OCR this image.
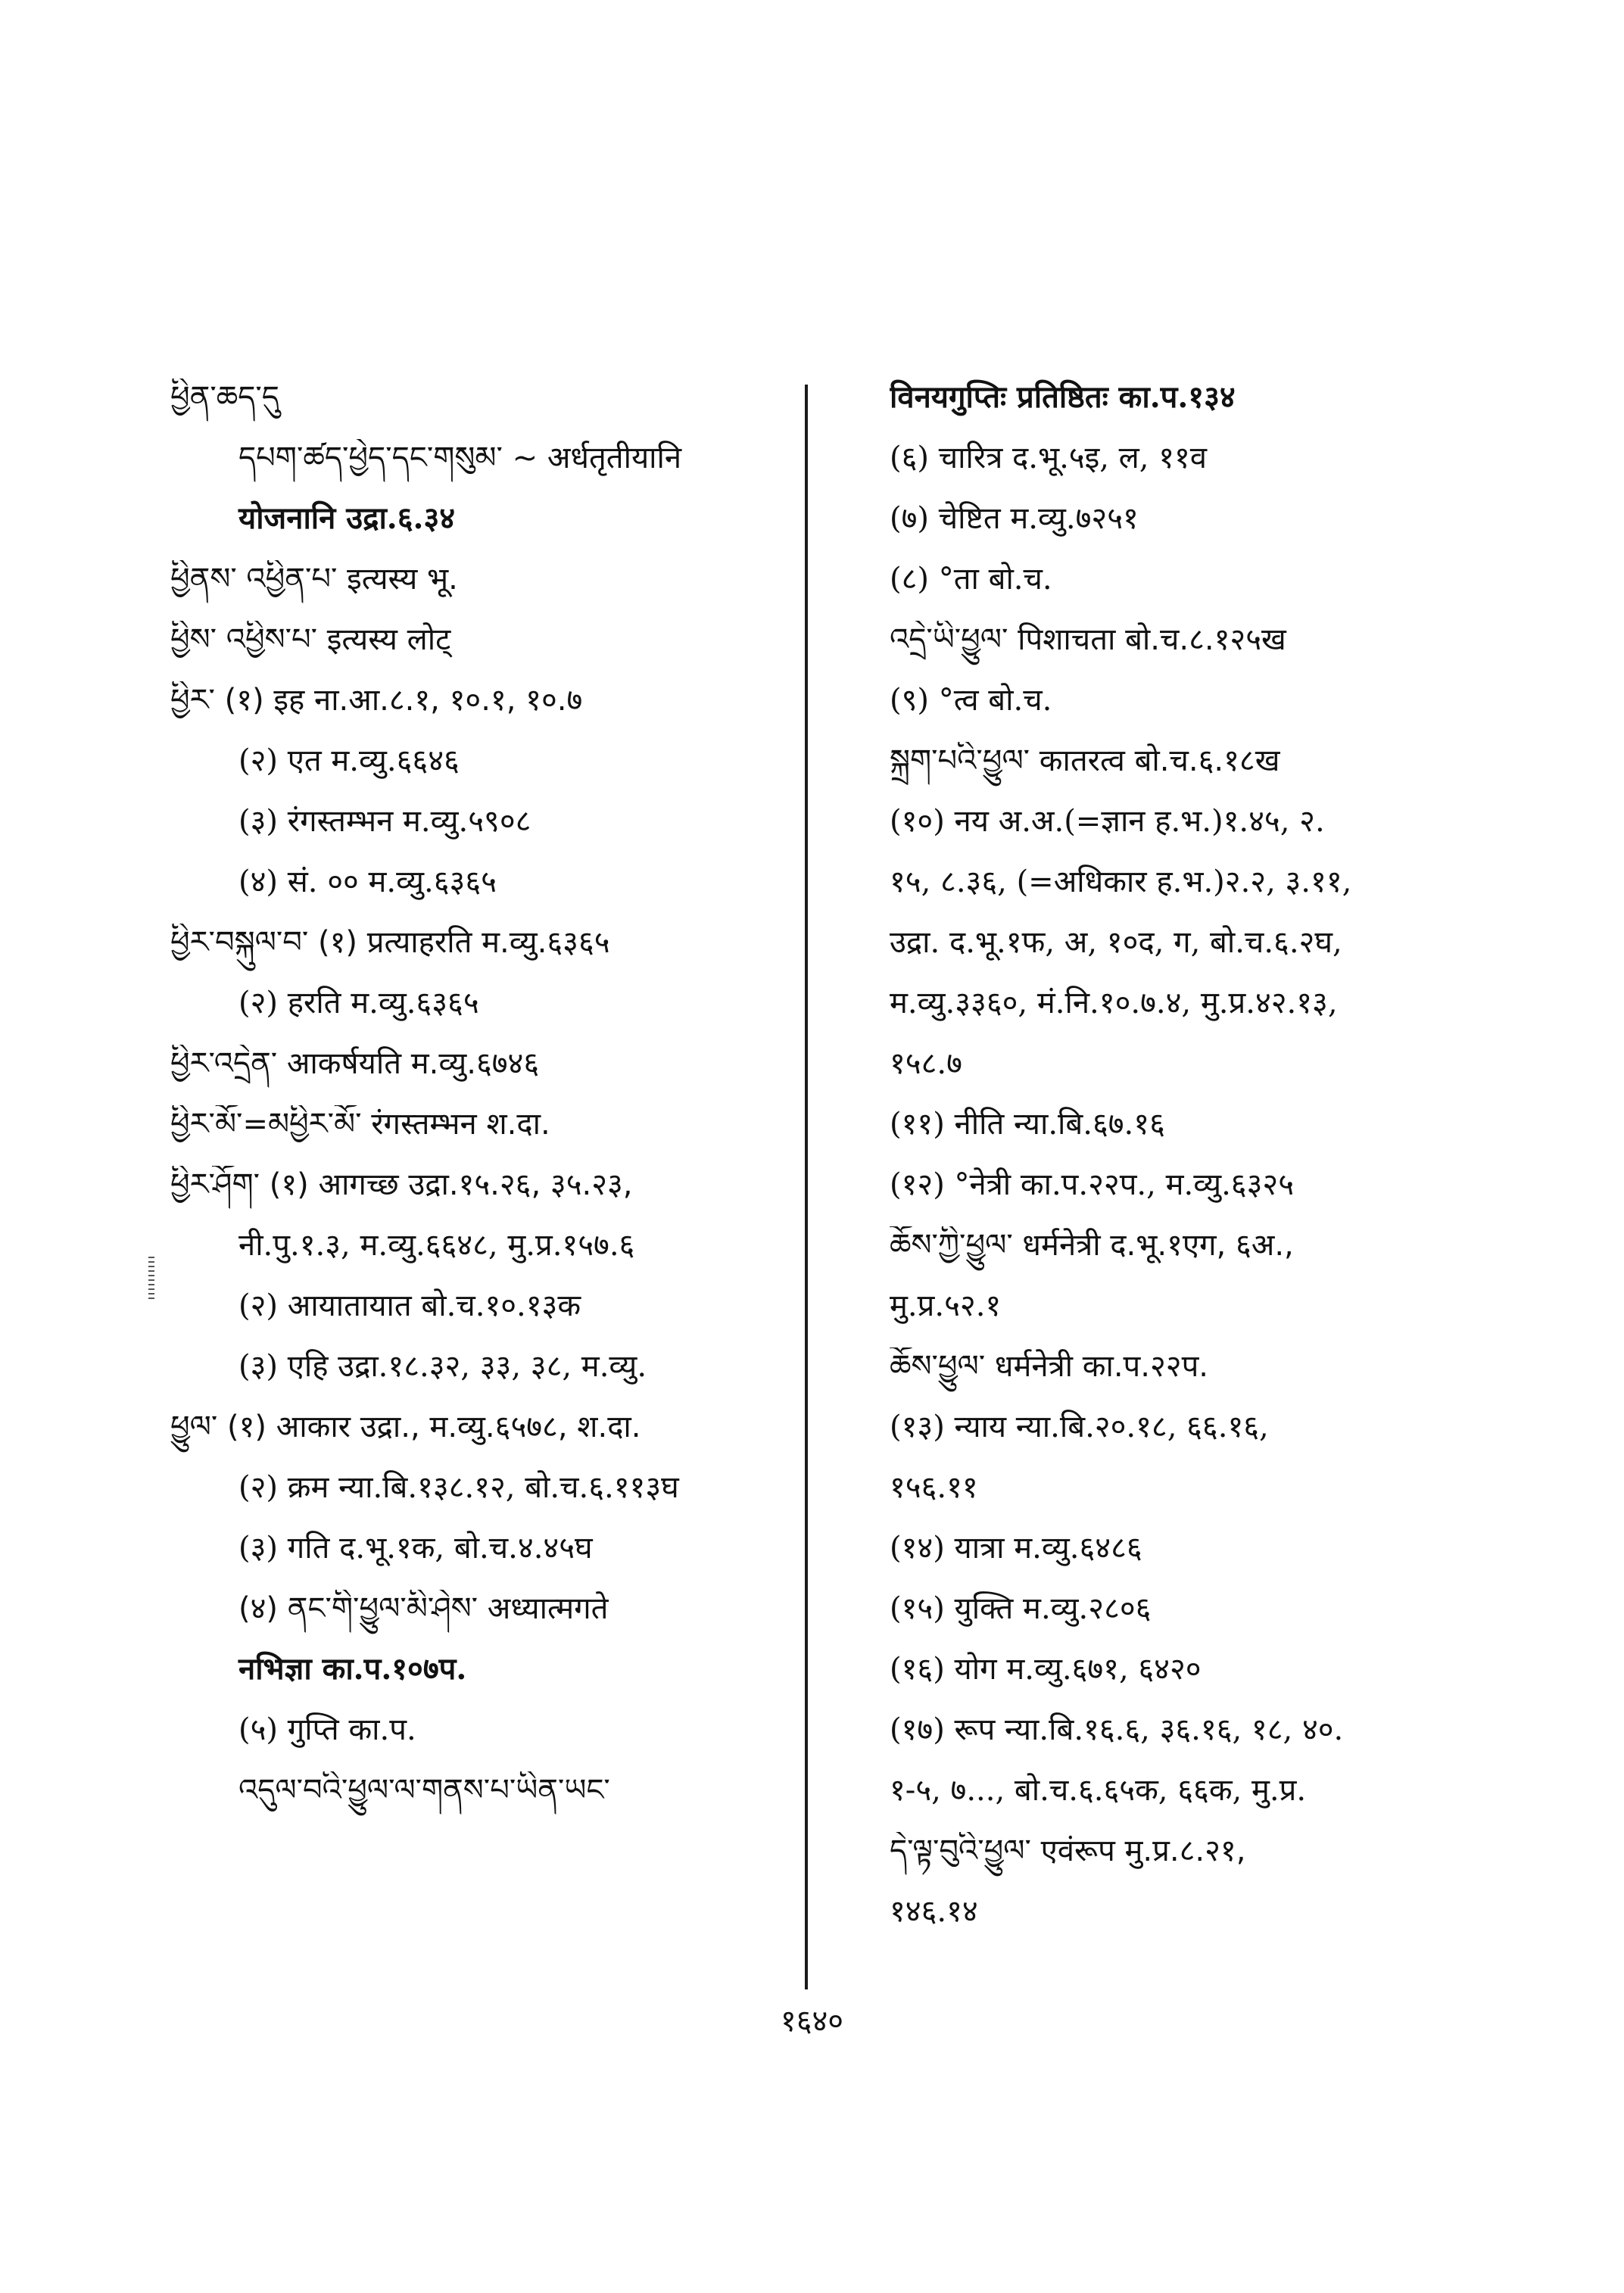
ཕྱིན་ཆད་དུ
དཔག་ཚད་ཕྱེད་དང་གསུམ་ ~ अर्धतृतीयानि
योजनानि उद्रा.६.३४
ཕྱིནས་ འཕྱིན་པ་ इत्यस्य भू.
ཕྱིས་ འཕྱིས་པ་ इत्यस्य लोट्
ཕྱིར་ (१) इह ना.आ.८.१, १०.१, १०.७
(२) एत म.व्यु.६६४६
(३) रंगस्तम्भन म.व्यु.५९०८
(४) सं. ०० म.व्यु.६३६५
ཕྱིར་བསྐུལ་བ་ (१) प्रत्याहरति म.व्यु.६३६५
(२) हरति म.व्यु.६३६५
ཕྱིར་འདྲེན་ आकर्षयति म.व्यु.६७४६
ཕྱིར་མོ་=མཕྱིར་མོ་ रंगस्तम्भन श.दा.
ཕྱིར་ཤོག་ (१) आगच्छ उद्रा.१५.२६, ३५.२३,
नी.पु.१.३, म.व्यु.६६४८, मु.प्र.१५७.६
(२) आयातायात बो.च.१०.१३क
(३) एहि उद्रा.१८.३२, ३३, ३८, म.व्यु.
ཕྱུལ་ (१) आकार उद्रा., म.व्यु.६५७८, श.दा.
(२) क्रम न्या.बि.१३८.१२, बो.च.६.११३घ
(३) गति द.भू.१क, बो.च.४.४५घ
(४) ནང་གི་ཕྱུལ་མི་ཤེས་ अध्यात्मगते
नभिज्ञा का.प.१०७प.
(५) गुप्ति का.प.
འདུལ་བའི་ཕྱུལ་ལ་གནས་པ་ཡིན་ཡང་
विनयगुप्तिः प्रतिष्ठितः का.प.१३४
(६) चारित्र द.भू.५इ, ल, ११व
(७) चेष्टित म.व्यु.७२५१
(८) °ता बो.च.
འདྲེ་ཡི་ཕྱུལ་ पिशाचता बो.च.८.१२५ख
(९) °त्व बो.च.
སྐྲག་པའི་ཕྱུལ་ कातरत्व बो.च.६.१८ख
(१०) नय अ.अ.(=ज्ञान ह.भ.)१.४५, २.
१५, ८.३६, (=अधिकार ह.भ.)२.२, ३.११,
उद्रा. द.भू.१फ, अ, १०द, ग, बो.च.६.२घ,
म.व्यु.३३६०, मं.नि.१०.७.४, मु.प्र.४२.१३,
१५८.७
(११) नीति न्या.बि.६७.१६
(१२) °नेत्री का.प.२२प., म.व्यु.६३२५
ཆོས་ཀྱི་ཕྱུལ་ धर्मनेत्री द.भू.१एग, ६अ.,
मु.प्र.५२.१
ཆོས་ཕྱུལ་ धर्मनेत्री का.प.२२प.
(१३) न्याय न्या.बि.२०.१८, ६६.१६,
१५६.११
(१४) यात्रा म.व्यु.६४८६
(१५) युक्ति म.व्यु.२८०६
(१६) योग म.व्यु.६७१, ६४२०
(१७) रूप न्या.बि.१६.६, ३६.१६, १८, ४०.
१-५, ७..., बो.च.६.६५क, ६६क, मु.प्र.
དེ་ལྟ་བུའི་ཕྱུལ་ एवंरूप मु.प्र.८.२१,
१४६.१४
१६४०
